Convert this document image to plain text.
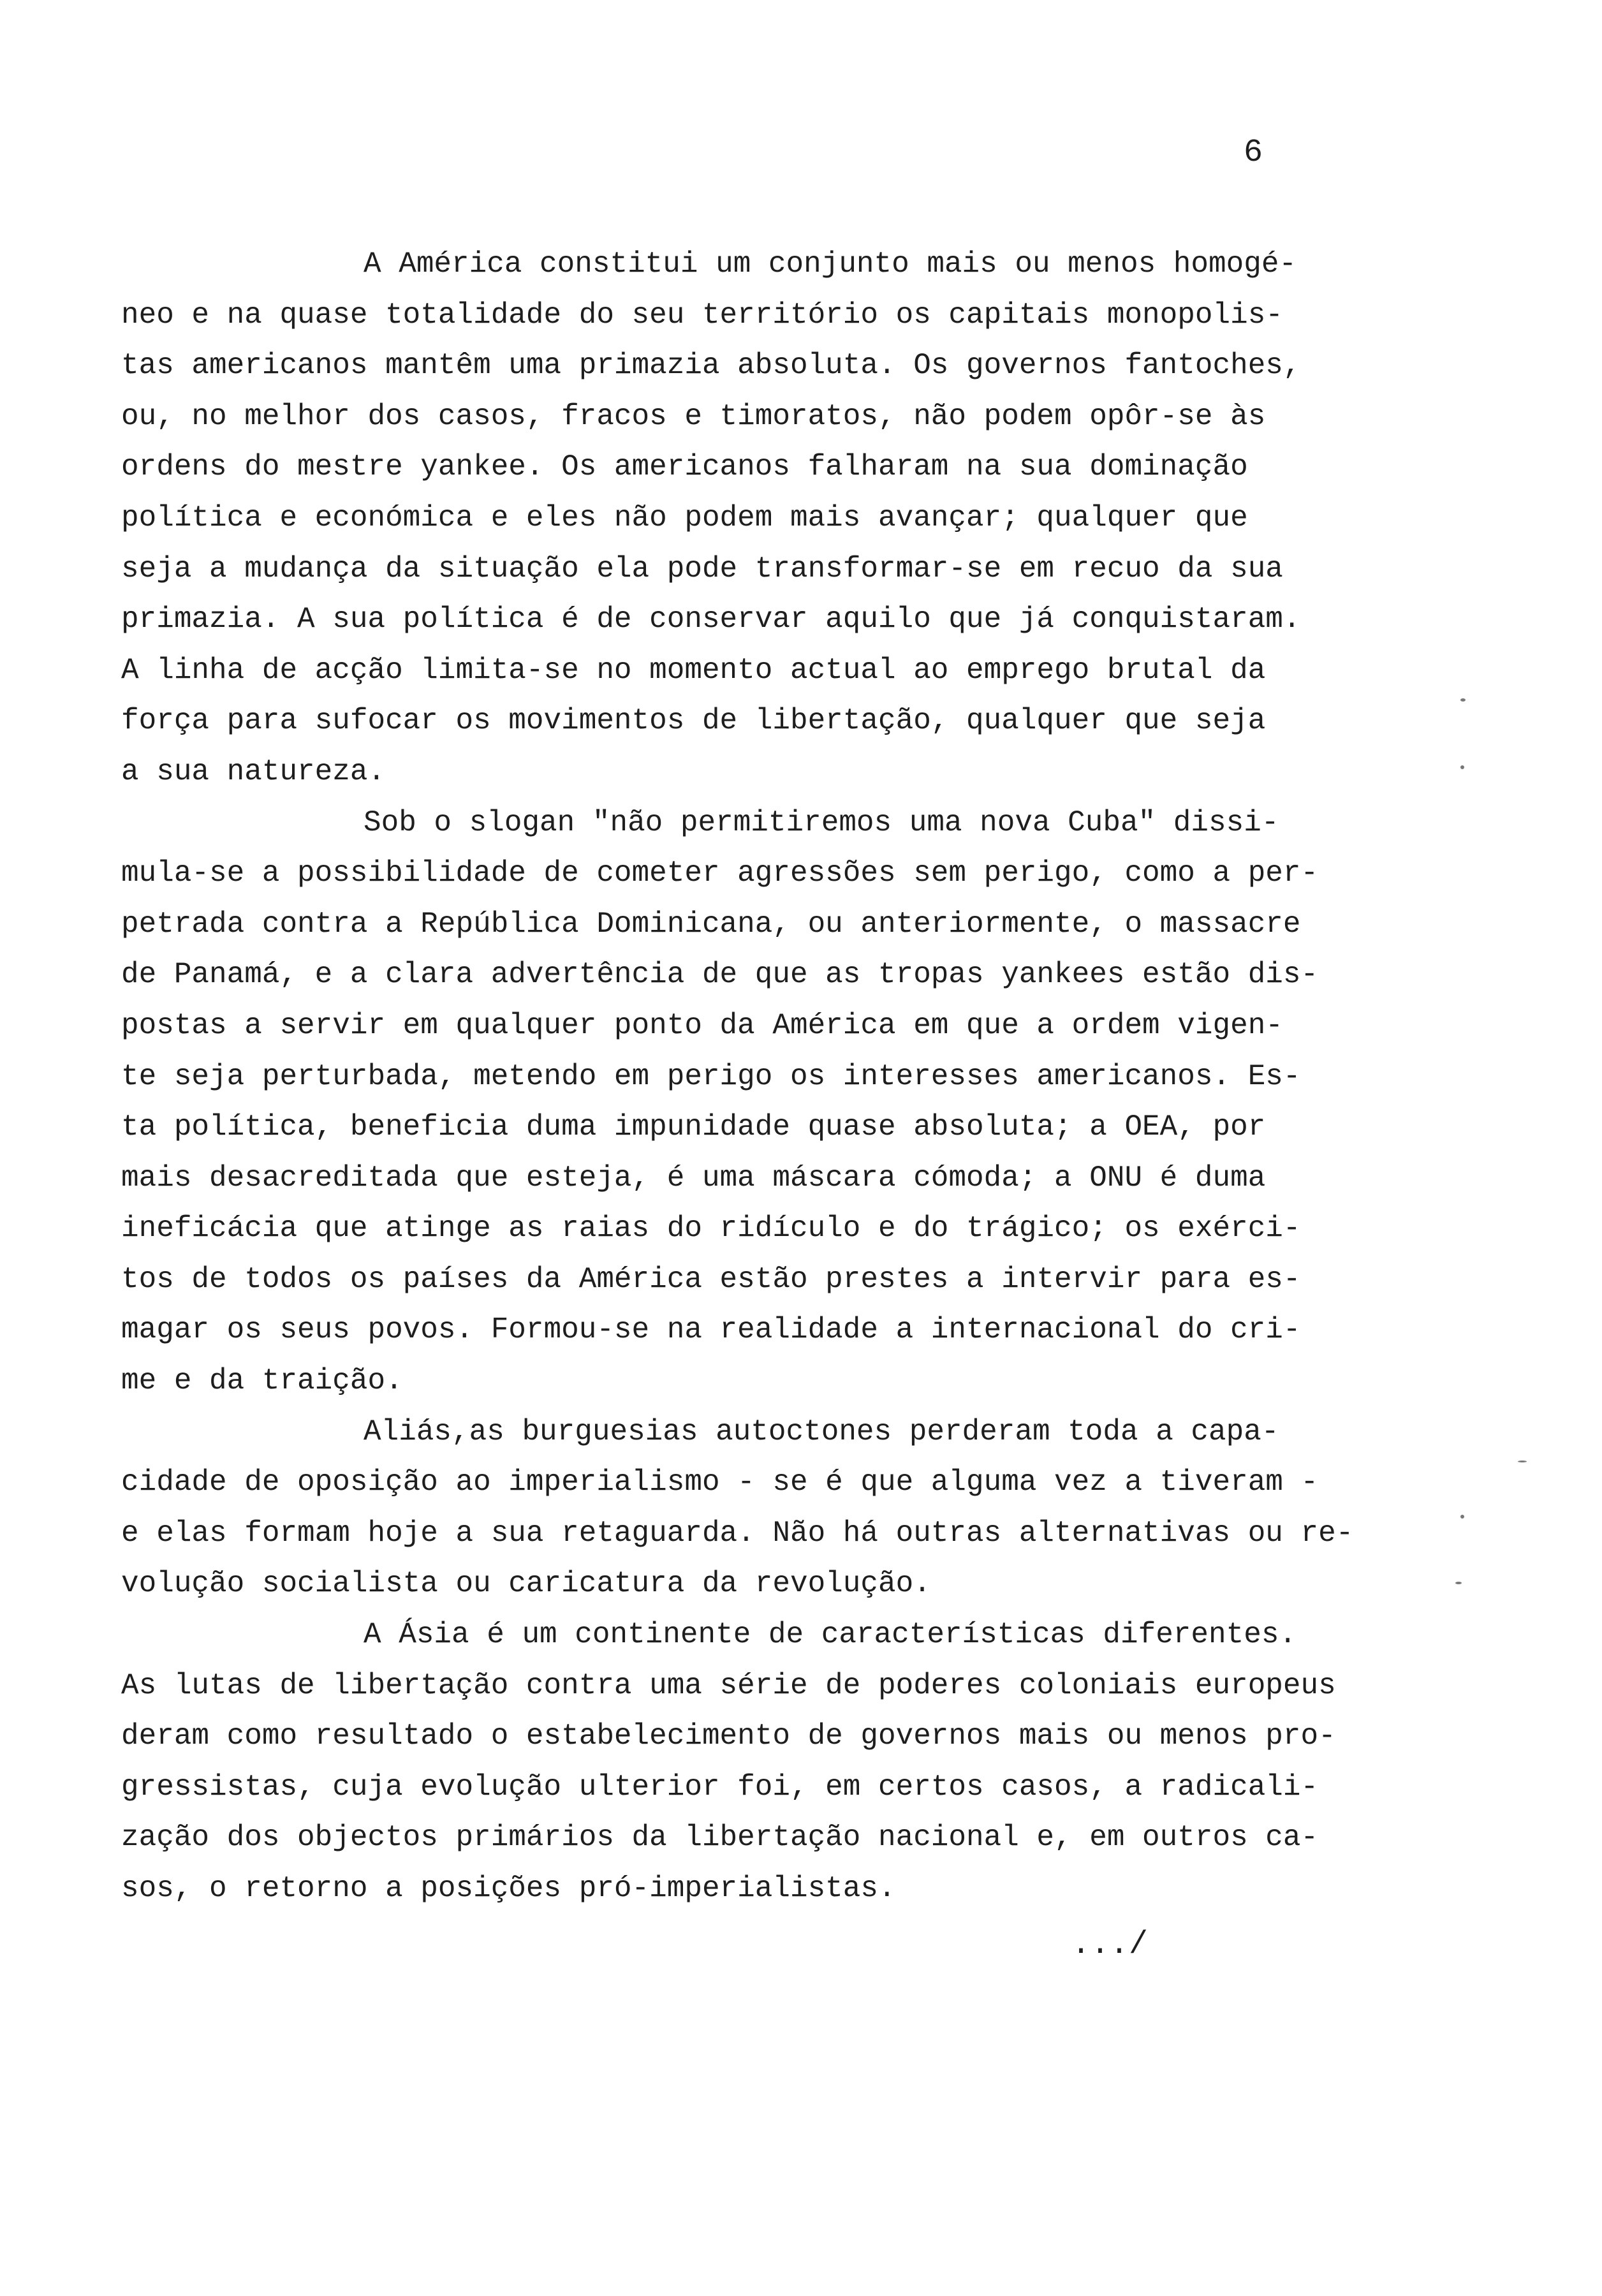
6
A América constitui um conjunto mais ou menos homogé-
neo e na quase totalidade do seu território os capitais monopolis-
tas americanos mantêm uma primazia absoluta. Os governos fantoches,
ou, no melhor dos casos, fracos e timoratos, não podem opôr-se às
ordens do mestre yankee. Os americanos falharam na sua dominação
política e económica e eles não podem mais avançar; qualquer que
seja a mudança da situação ela pode transformar-se em recuo da sua
primazia. A sua política é de conservar aquilo que já conquistaram.
A linha de acção limita-se no momento actual ao emprego brutal da
força para sufocar os movimentos de libertação, qualquer que seja
a sua natureza.
Sob o slogan "não permitiremos uma nova Cuba" dissi-
mula-se a possibilidade de cometer agressões sem perigo, como a per-
petrada contra a República Dominicana, ou anteriormente, o massacre
de Panamá, e a clara advertência de que as tropas yankees estão dis-
postas a servir em qualquer ponto da América em que a ordem vigen-
te seja perturbada, metendo em perigo os interesses americanos. Es-
ta política, beneficia duma impunidade quase absoluta; a OEA, por
mais desacreditada que esteja, é uma máscara cómoda; a ONU é duma
ineficácia que atinge as raias do ridículo e do trágico; os exérci-
tos de todos os países da América estão prestes a intervir para es-
magar os seus povos. Formou-se na realidade a internacional do cri-
me e da traição.
Aliás,as burguesias autoctones perderam toda a capa-
cidade de oposição ao imperialismo - se é que alguma vez a tiveram -
e elas formam hoje a sua retaguarda. Não há outras alternativas ou re-
volução socialista ou caricatura da revolução.
A Ásia é um continente de características diferentes.
As lutas de libertação contra uma série de poderes coloniais europeus
deram como resultado o estabelecimento de governos mais ou menos pro-
gressistas, cuja evolução ulterior foi, em certos casos, a radicali-
zação dos objectos primários da libertação nacional e, em outros ca-
sos, o retorno a posições pró-imperialistas.
.../
